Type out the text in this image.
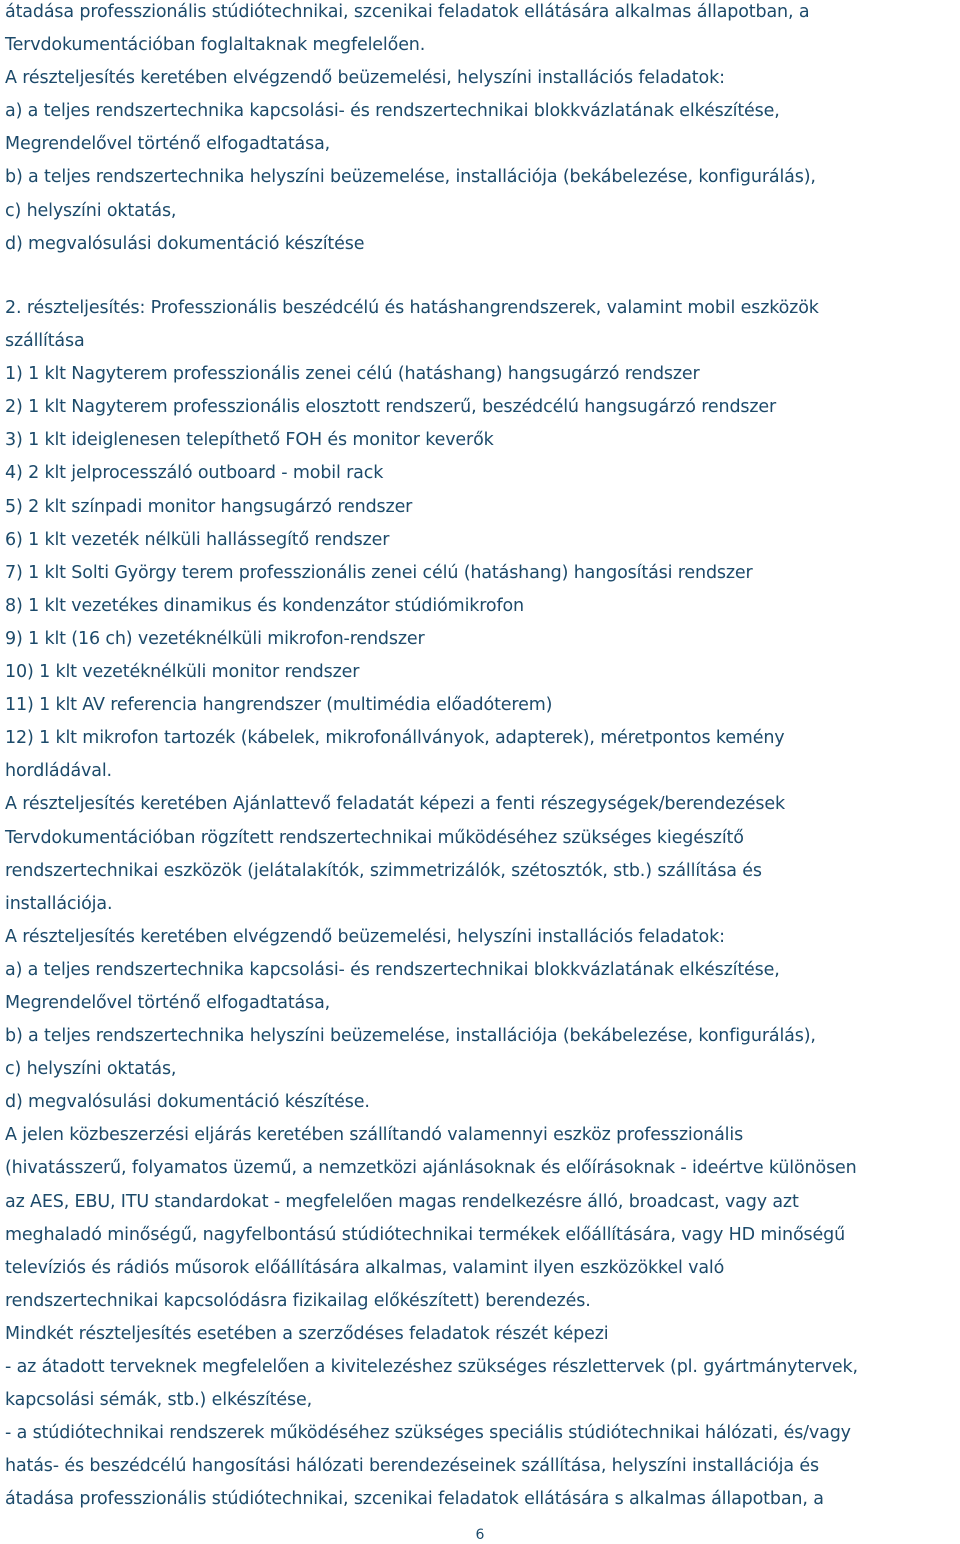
átadása professzionális stúdiótechnikai, szcenikai feladatok ellátására alkalmas állapotban, a
Tervdokumentációban foglaltaknak megfelelően.
A részteljesítés keretében elvégzendő beüzemelési, helyszíni installációs feladatok:
a) a teljes rendszertechnika kapcsolási- és rendszertechnikai blokkvázlatának elkészítése,
Megrendelővel történő elfogadtatása,
b) a teljes rendszertechnika helyszíni beüzemelése, installációja (bekábelezése, konfigurálás),
c) helyszíni oktatás,
d) megvalósulási dokumentáció készítése
2. részteljesítés: Professzionális beszédcélú és hatáshangrendszerek, valamint mobil eszközök
szállítása
1) 1 klt Nagyterem professzionális zenei célú (hatáshang) hangsugárzó rendszer
2) 1 klt Nagyterem professzionális elosztott rendszerű, beszédcélú hangsugárzó rendszer
3) 1 klt ideiglenesen telepíthető FOH és monitor keverők
4) 2 klt jelprocesszáló outboard - mobil rack
5) 2 klt színpadi monitor hangsugárzó rendszer
6) 1 klt vezeték nélküli hallássegítő rendszer
7) 1 klt Solti György terem professzionális zenei célú (hatáshang) hangosítási rendszer
8) 1 klt vezetékes dinamikus és kondenzátor stúdiómikrofon
9) 1 klt (16 ch) vezetéknélküli mikrofon-rendszer
10) 1 klt vezetéknélküli monitor rendszer
11) 1 klt AV referencia hangrendszer (multimédia előadóterem)
12) 1 klt mikrofon tartozék (kábelek, mikrofonállványok, adapterek), méretpontos kemény
hordládával.
A részteljesítés keretében Ajánlattevő feladatát képezi a fenti részegységek/berendezések
Tervdokumentációban rögzített rendszertechnikai működéséhez szükséges kiegészítő
rendszertechnikai eszközök (jelátalakítók, szimmetrizálók, szétosztók, stb.) szállítása és
installációja.
A részteljesítés keretében elvégzendő beüzemelési, helyszíni installációs feladatok:
a) a teljes rendszertechnika kapcsolási- és rendszertechnikai blokkvázlatának elkészítése,
Megrendelővel történő elfogadtatása,
b) a teljes rendszertechnika helyszíni beüzemelése, installációja (bekábelezése, konfigurálás),
c) helyszíni oktatás,
d) megvalósulási dokumentáció készítése.
A jelen közbeszerzési eljárás keretében szállítandó valamennyi eszköz professzionális
(hivatásszerű, folyamatos üzemű, a nemzetközi ajánlásoknak és előírásoknak - ideértve különösen
az AES, EBU, ITU standardokat - megfelelően magas rendelkezésre álló, broadcast, vagy azt
meghaladó minőségű, nagyfelbontású stúdiótechnikai termékek előállítására, vagy HD minőségű
televíziós és rádiós műsorok előállítására alkalmas, valamint ilyen eszközökkel való
rendszertechnikai kapcsolódásra fizikailag előkészített) berendezés.
Mindkét részteljesítés esetében a szerződéses feladatok részét képezi
- az átadott terveknek megfelelően a kivitelezéshez szükséges részlettervek (pl. gyártmánytervek,
kapcsolási sémák, stb.) elkészítése,
- a stúdiótechnikai rendszerek működéséhez szükséges speciális stúdiótechnikai hálózati, és/vagy
hatás- és beszédcélú hangosítási hálózati berendezéseinek szállítása, helyszíni installációja és
átadása professzionális stúdiótechnikai, szcenikai feladatok ellátására s alkalmas állapotban, a
6
